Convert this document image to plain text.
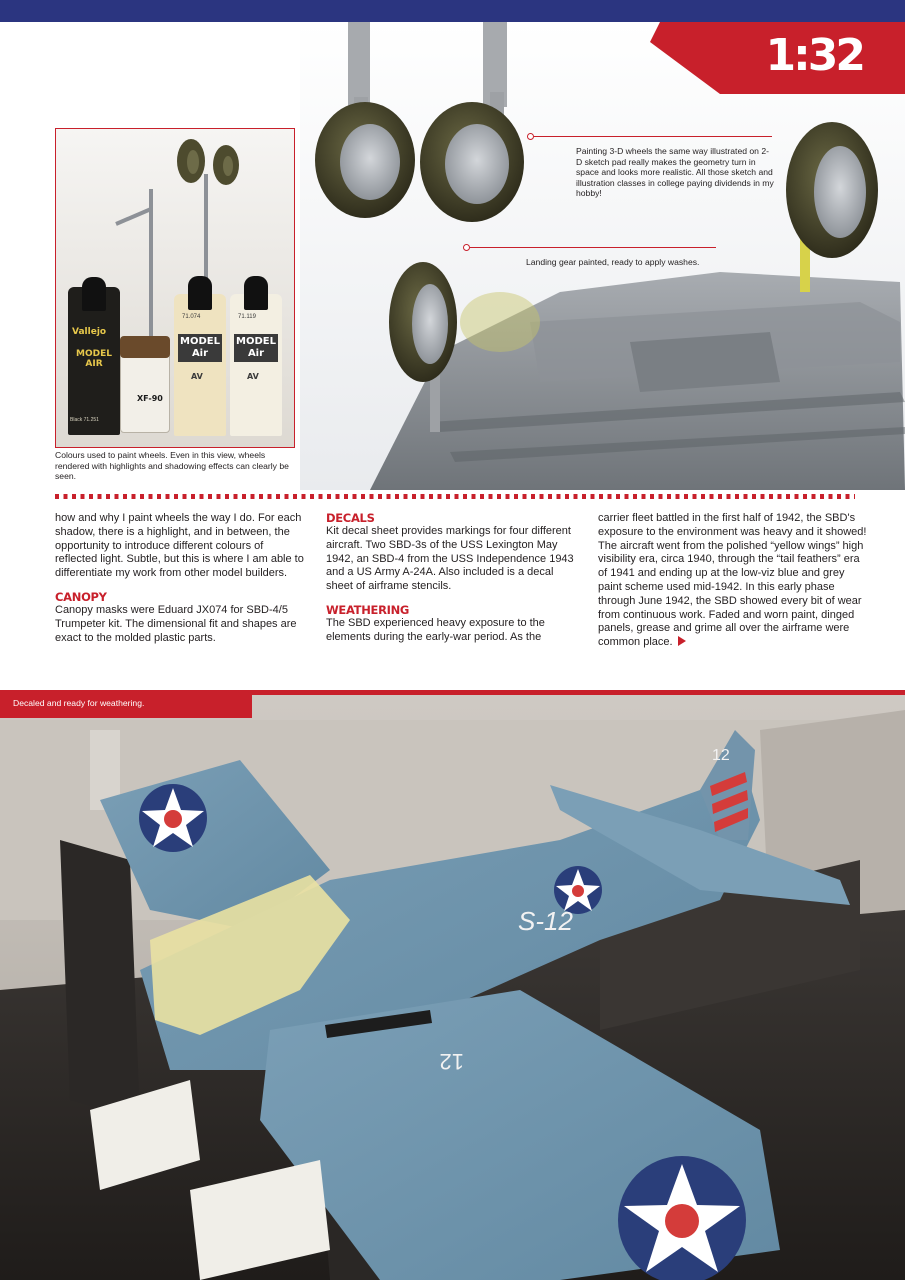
1:32
Painting 3-D wheels the same way illustrated on 2-D sketch pad really makes the geometry turn in space and looks more realistic. All those sketch and illustration classes in college paying dividends in my hobby!
Landing gear painted, ready to apply washes.
Vallejo
MODEL AIR
Black 71.251
XF-90
71.074
MODEL Air
AV
71.119
MODEL Air
AV
Colours used to paint wheels. Even in this view, wheels rendered with highlights and shadowing effects can clearly be seen.

how and why I paint wheels the way I do. For each shadow, there is a highlight, and in between, the opportunity to introduce different colours of reflected light. Subtle, but this is where I am able to differentiate my work from other model builders.

CANOPY

Canopy masks were Eduard JX074 for SBD-4/5 Trumpeter kit. The dimensional fit and shapes are exact to the molded plastic parts.

DECALS

Kit decal sheet provides markings for four different aircraft. Two SBD-3s of the USS Lexington May 1942, an SBD-4 from the USS Independence 1943 and a US Army A-24A. Also included is a decal sheet of airframe stencils.

WEATHERING

The SBD experienced heavy exposure to the elements during the early-war period. As the

carrier fleet battled in the first half of 1942, the SBD's exposure to the environment was heavy and it showed! The aircraft went from the polished “yellow wings” high visibility era, circa 1940, through the “tail feathers” era of 1941 and ending up at the low-viz blue and grey paint scheme used mid-1942. In this early phase through June 1942, the SBD showed every bit of wear from continuous work. Faded and worn paint, dinged panels, grease and grime all over the airframe were common place.

S-12
12
12
Decaled and ready for weathering.
